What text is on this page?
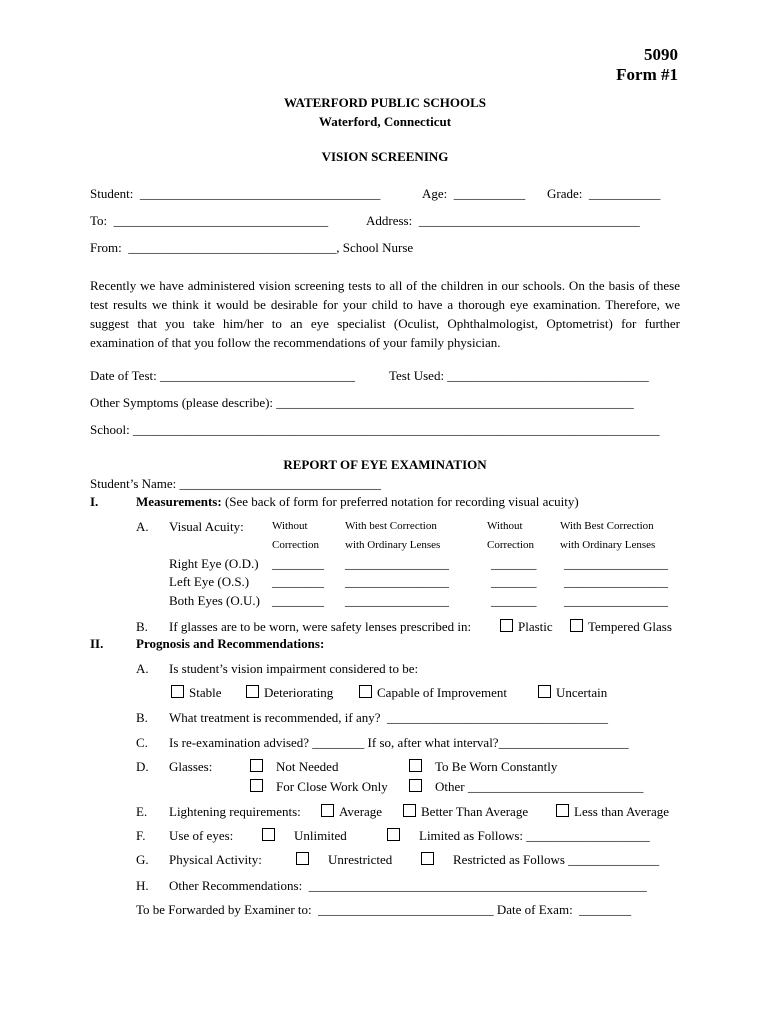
5090
Form #1
WATERFORD PUBLIC SCHOOLS
Waterford, Connecticut
VISION SCREENING
Student:  _____________________________________	Age:  ___________ Grade:  ___________
To:  _________________________________	Address:  __________________________________
From:  ________________________________, School Nurse
Recently we have administered vision screening tests to all of the children in our schools. On the basis of these test results we think it would be desirable for your child to have a thorough eye examination. Therefore, we suggest that you take him/her to an eye specialist (Oculist, Ophthalmologist, Optometrist) for further examination of that you follow the recommendations of your family physician.
Date of Test: ______________________________	Test Used: _______________________________
Other Symptoms (please describe): _______________________________________________________
School: _________________________________________________________________________________
REPORT OF EYE EXAMINATION
Student’s Name: _______________________________
I.	Measurements: (See back of form for preferred notation for recording visual acuity)
A. Visual Acuity:	Without
Correction
With best Correction
with Ordinary Lenses
Without
Correction
With Best Correction
with Ordinary Lenses
Right Eye (O.D.) ________ ________________	_______ ________________
Left Eye (O.S.) ________ ________________	_______ ________________
Both Eyes (O.U.) ________ ________________	_______ ________________
B. If glasses are to be worn, were safety lenses prescribed in:	Plastic	Tempered Glass
II.	Prognosis and Recommendations:
A. Is student’s vision impairment considered to be:
Stable	Deteriorating	Capable of Improvement	Uncertain
B. What treatment is recommended, if any?  __________________________________
C. Is re-examination advised? ________ If so, after what interval?____________________
D. Glasses:	Not Needed	To Be Worn Constantly
For Close Work Only	Other ___________________________
E. Lightening requirements:	Average	Better Than Average	Less than Average
F. Use of eyes:	Unlimited	Limited as Follows: ___________________
G. Physical Activity:	Unrestricted	Restricted as Follows ______________
H. Other Recommendations:  ____________________________________________________
To be Forwarded by Examiner to:  ___________________________ Date of Exam:  ________
